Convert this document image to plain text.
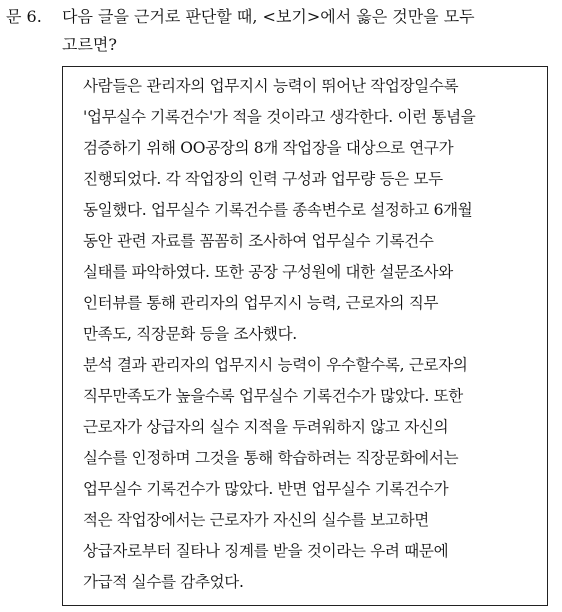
문 6. 다음 글을 근거로 판단할 때, <보기>에서 옳은 것만을 모두
고르면?
사람들은 관리자의 업무지시 능력이 뛰어난 작업장일수록
'업무실수 기록건수'가 적을 것이라고 생각한다. 이런 통념을
검증하기 위해 OO공장의 8개 작업장을 대상으로 연구가
진행되었다. 각 작업장의 인력 구성과 업무량 등은 모두
동일했다. 업무실수 기록건수를 종속변수로 설정하고 6개월
동안 관련 자료를 꼼꼼히 조사하여 업무실수 기록건수
실태를 파악하였다. 또한 공장 구성원에 대한 설문조사와
인터뷰를 통해 관리자의 업무지시 능력, 근로자의 직무
만족도, 직장문화 등을 조사했다.
분석 결과 관리자의 업무지시 능력이 우수할수록, 근로자의
직무만족도가 높을수록 업무실수 기록건수가 많았다. 또한
근로자가 상급자의 실수 지적을 두려워하지 않고 자신의
실수를 인정하며 그것을 통해 학습하려는 직장문화에서는
업무실수 기록건수가 많았다. 반면 업무실수 기록건수가
적은 작업장에서는 근로자가 자신의 실수를 보고하면
상급자로부터 질타나 징계를 받을 것이라는 우려 때문에
가급적 실수를 감추었다.
